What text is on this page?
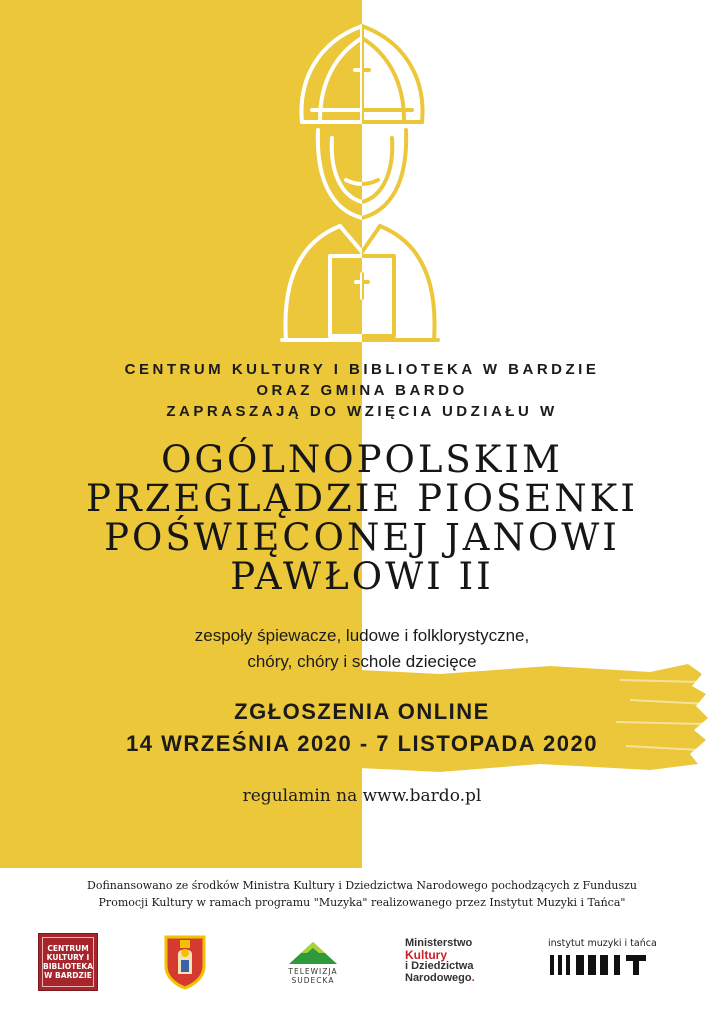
CENTRUM KULTURY I BIBLIOTEKA W BARDZIE
ORAZ GMINA BARDO
ZAPRASZAJĄ DO WZIĘCIA UDZIAŁU W
OGÓLNOPOLSKIM
PRZEGLĄDZIE PIOSENKI
POŚWIĘCONEJ JANOWI
PAWŁOWI II
zespoły śpiewacze, ludowe i folklorystyczne,
chóry, chóry i schole dziecięce
ZGŁOSZENIA ONLINE
14 WRZEŚNIA 2020 - 7 LISTOPADA 2020
regulamin na www.bardo.pl
Dofinansowano ze środków Ministra Kultury i Dziedzictwa Narodowego pochodzących z Funduszu
Promocji Kultury w ramach programu "Muzyka" realizowanego przez Instytut Muzyki i Tańca"
CENTRUM
KULTURY I
BIBLIOTEKA
W BARDZIE	TELEWIZJA
SUDECKA
Ministerstwo
Kultury
i Dziedzictwa
Narodowego.
instytut muzyki i tańca
